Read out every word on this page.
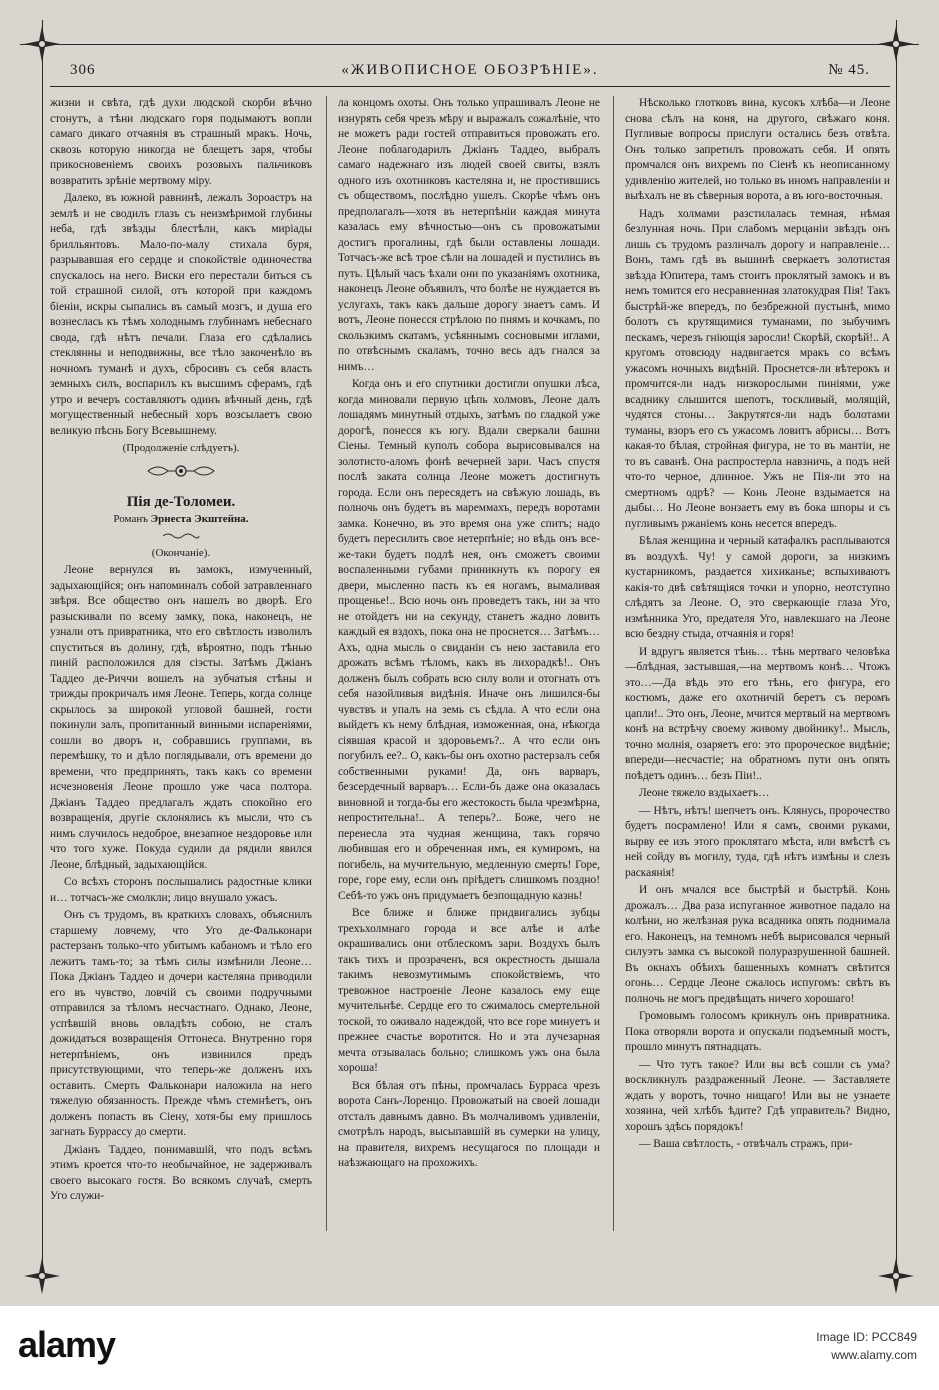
306	«ЖИВОПИСНОЕ ОБОЗРѢНІЕ».	№ 45.

жизни и свѣта, гдѣ духи людской скорби вѣчно стонутъ, а тѣни людскаго горя подымаютъ вопли самаго дикаго отчаянія въ страшный мракъ. Ночь, сквозь которую никогда не блещетъ заря, чтобы прикосновеніемъ своихъ розовыхъ пальчиковъ возвратить зрѣніе мертвому міру.

Далеко, въ южной равнинѣ, лежалъ Зороастръ на землѣ и не сводилъ глазъ съ неизмѣримой глубины неба, гдѣ звѣзды блестѣли, какъ миріады брилльянтовъ. Мало-по-малу стихала буря, разрывавшая его сердце и спокойствіе одиночества спускалось на него. Виски его перестали биться съ той страшной силой, отъ которой при каждомъ біеніи, искры сыпались въ самый мозгъ, и душа его вознеслась къ тѣмъ холоднымъ глубинамъ небеснаго свода, гдѣ нѣтъ печали. Глаза его сдѣлались стеклянны и неподвижны, все тѣло закоченѣло въ ночномъ туманѣ и духъ, сбросивъ съ себя власть земныхъ силъ, воспарилъ къ высшимъ сферамъ, гдѣ утро и вечеръ составляютъ одинъ вѣчный день, гдѣ могущественный небесный хоръ возсылаетъ свою великую пѣснь Богу Всевышнему.

(Продолженіе слѣдуетъ).

Пія де-Толомеи.

Романъ Эрнеста Экштейна.

(Окончаніе).

Леоне вернулся въ замокъ, измученный, задыхающійся; онъ напоминалъ собой затравленнаго звѣря. Все общество онъ нашелъ во дворѣ. Его разыскивали по всему замку, пока, наконецъ, не узнали отъ привратника, что его свѣтлость изволилъ спуститься въ долину, гдѣ, вѣроятно, подъ тѣнью пиній расположился для сіэсты. Затѣмъ Джіанъ Таддео де-Риччи вошелъ на зубчатыя стѣны и трижды прокричалъ имя Леоне. Теперь, когда солнце скрылось за широкой угловой башней, гости покинули залъ, пропитанный винными испареніями, сошли во дворъ и, собравшись группами, въ перемѣшку, то и дѣло поглядывали, отъ времени до времени, что предпринять, такъ какъ со времени исчезновенія Леоне прошло уже часа полтора. Джіанъ Таддео предлагалъ ждать спокойно его возвращенія, другіе склонялись къ мысли, что съ нимъ случилось недоброе, внезапное нездоровье или что того хуже. Покуда судили да рядили явился Леоне, блѣдный, задыхающійся.

Со всѣхъ сторонъ послышались радостные клики и… тотчасъ-же смолкли; лицо внушало ужасъ.

Онъ съ трудомъ, въ краткихъ словахъ, объяснилъ старшему ловчему, что Уго де-Фальконари растерзанъ только-что убитымъ кабаномъ и тѣло его лежитъ тамъ-то; за тѣмъ силы измѣнили Леоне… Пока Джіанъ Таддео и дочери кастеляна приводили его въ чувство, ловчій съ своими подручными отправился за тѣломъ несчастнаго. Однако, Леоне, успѣвшій вновь овладѣть собою, не сталъ дожидаться возвращенія Оттонеса. Внутренно горя нетерпѣніемъ, онъ извинился предъ присутствующими, что теперь-же долженъ ихъ оставить. Смерть Фальконари наложила на него тяжелую обязанность. Прежде чѣмъ стемнѣетъ, онъ долженъ попасть въ Сіену, хотя-бы ему пришлось загнать Буррассу до смерти.

Джіанъ Таддео, понимавшій, что подъ всѣмъ этимъ кроется что-то необычайное, не задерживалъ своего высокаго гостя. Во всякомъ случаѣ, смерть Уго служи-

ла концомъ охоты. Онъ только упрашивалъ Леоне не изнурять себя чрезъ мѣру и выражалъ сожалѣніе, что не можетъ ради гостей отправиться провожать его. Леоне поблагодарилъ Джіанъ Таддео, выбралъ самаго надежнаго изъ людей своей свиты, взялъ одного изъ охотниковъ кастеляна и, не простившись съ обществомъ, послѣдно ушелъ. Скорѣе чѣмъ онъ предполагалъ—хотя въ нетерпѣніи каждая минута казалась ему вѣчностью—онъ съ провожатыми достигъ прогалины, гдѣ были оставлены лошади. Тотчасъ-же всѣ трое сѣли на лошадей и пустились въ путь. Цѣлый часъ ѣхали они по указаніямъ охотника, наконецъ Леоне объявилъ, что болѣе не нуждается въ услугахъ, такъ какъ дальше дорогу знаетъ самъ. И вотъ, Леоне понесся стрѣлою по пнямъ и кочкамъ, по скользкимъ скатамъ, усѣяннымъ сосновыми иглами, по отвѣснымъ скаламъ, точно весь адъ гнался за нимъ…

Когда онъ и его спутники достигли опушки лѣса, когда миновали первую цѣпь холмовъ, Леоне далъ лошадямъ минутный отдыхъ, затѣмъ по гладкой уже дорогѣ, понесся къ югу. Вдали сверкали башни Сіены. Темный куполъ собора вырисовывался на золотисто-аломъ фонѣ вечерней зари. Часъ спустя послѣ заката солнца Леоне можетъ достигнуть города. Если онъ пересядетъ на свѣжую лошадь, въ полночь онъ будетъ въ мареммахъ, передъ воротами замка. Конечно, въ это время она уже спитъ; надо будетъ пересилить свое нетерпѣніе; но вѣдь онъ все-же-таки будетъ подлѣ нея, онъ сможетъ своими воспаленными губами приникнуть къ порогу ея двери, мысленно пасть къ ея ногамъ, вымаливая прощенье!.. Всю ночь онъ проведетъ такъ, ни за что не отойдетъ ни на секунду, станетъ жадно ловить каждый ея вздохъ, пока она не проснется… Затѣмъ… Ахъ, одна мысль о свиданіи съ нею заставила его дрожать всѣмъ тѣломъ, какъ въ лихорадкѣ!.. Онъ долженъ былъ собрать всю силу воли и отогнать отъ себя назойливыя видѣнія. Иначе онъ лишился-бы чувствъ и упалъ на земь съ сѣдла. А что если она выйдетъ къ нему блѣдная, изможенная, она, нѣкогда сіявшая красой и здоровьемъ?.. А что если онъ погубилъ ее?.. О, какъ-бы онъ охотно растерзалъ себя собственными руками! Да, онъ варваръ, безсердечный варваръ… Если-бъ даже она оказалась виновной и тогда-бы его жестокость была чрезмѣрна, непростительна!.. А теперь?.. Боже, чего не перенесла эта чудная женщина, такъ горячо любившая его и обреченная имъ, ея кумиромъ, на погибель, на мучительную, медленную смерть! Горе, горе, горе ему, если онъ пріѣдетъ слишкомъ поздно! Себѣ-то ужъ онъ придумаетъ безпощадную казнь!

Все ближе и ближе придвигались зубцы трехъхолмнаго города и все алѣе и алѣе окрашивались они отблескомъ зари. Воздухъ былъ такъ тихъ и прозраченъ, вся окрестность дышала такимъ невозмутимымъ спокойствіемъ, что тревожное настроеніе Леоне казалось ему еще мучительнѣе. Сердце его то сжималось смертельной тоской, то оживало надеждой, что все горе минуетъ и прежнее счастье воротится. Но и эта лучезарная мечта отзывалась больно; слишкомъ ужъ она была хороша!

Вся бѣлая отъ пѣны, промчалась Бурраса чрезъ ворота Санъ-Лоренцо. Провожатый на своей лошади отсталъ давнымъ давно. Въ молчаливомъ удивленіи, смотрѣлъ народъ, высыпавшій въ сумерки на улицу, на правителя, вихремъ несущагося по площади и наѣзжающаго на прохожихъ.

Нѣсколько глотковъ вина, кусокъ хлѣба—и Леоне снова сѣлъ на коня, на другого, свѣжаго коня. Пугливые вопросы прислуги остались безъ отвѣта. Онъ только запретилъ провожать себя. И опять промчался онъ вихремъ по Сіенѣ къ неописанному удивленію жителей, но только въ иномъ направленіи и выѣхалъ не въ сѣверныя ворота, а въ юго-восточныя.

Надъ холмами разстилалась темная, нѣмая безлунная ночь. При слабомъ мерцаніи звѣздъ онъ лишь съ трудомъ различалъ дорогу и направленіе… Вонъ, тамъ гдѣ въ вышинѣ сверкаетъ золотистая звѣзда Юпитера, тамъ стоитъ проклятый замокъ и въ немъ томится его несравненная златокудрая Пія! Такъ быстрѣй-же впередъ, по безбрежной пустынѣ, мимо болотъ съ крутящимися туманами, по зыбучимъ пескамъ, черезъ гніющія заросли! Скорѣй, скорѣй!.. А кругомъ отовсюду надвигается мракъ со всѣмъ ужасомъ ночныхъ видѣній. Проснется-ли вѣтерокъ и промчится-ли надъ низкорослыми пиніями, уже всаднику слышится шепотъ, тоскливый, молящій, чудятся стоны… Закрутятся-ли надъ болотами туманы, взоръ его съ ужасомъ ловитъ абрисы… Вотъ какая-то бѣлая, стройная фигура, не то въ мантіи, не то въ саванѣ. Она распростерла навзничь, а подъ ней что-то черное, длинное. Ужъ не Пія-ли это на смертномъ одрѣ? — Конь Леоне вздымается на дыбы… Но Леоне вонзаетъ ему въ бока шпоры и съ пугливымъ ржаніемъ конь несется впередъ.

Бѣлая женщина и черный катафалкъ расплываются въ воздухѣ. Чу! у самой дороги, за низкимъ кустарникомъ, раздается хихиканье; вспыхиваютъ какія-то двѣ свѣтящіяся точки и упорно, неотступно слѣдятъ за Леоне. О, это сверкающіе глаза Уго, измѣнника Уго, предателя Уго, навлекшаго на Леоне всю бездну стыда, отчаянія и горя!

И вдругъ является тѣнь… тѣнь мертваго человѣка—блѣдная, застывшая,—на мертвомъ конѣ… Чтожъ это…—Да вѣдь это его тѣнь, его фигура, его костюмъ, даже его охотничій беретъ съ перомъ цапли!.. Это онъ, Леоне, мчится мертвый на мертвомъ конѣ на встрѣчу своему живому двойнику!.. Мысль, точно молнія, озаряетъ его: это пророческое видѣніе; впереди—несчастіе; на обратномъ пути онъ опять поѣдетъ одинъ… безъ Піи!..

Леоне тяжело вздыхаетъ…

— Нѣтъ, нѣтъ! шепчетъ онъ. Клянусь, пророчество будетъ посрамлено! Или я самъ, своими руками, вырву ее изъ этого проклятаго мѣста, или вмѣстѣ съ ней сойду въ могилу, туда, гдѣ нѣтъ измѣны и слезъ раскаянія!

И онъ мчался все быстрѣй и быстрѣй. Конь дрожалъ… Два раза испуганное животное падало на колѣни, но желѣзная рука всадника опять поднимала его. Наконецъ, на темномъ небѣ вырисовался черный силуэтъ замка съ высокой полуразрушенной башней. Въ окнахъ обѣихъ башенныхъ комнатъ свѣтится огонь… Сердце Леоне сжалось испугомъ: свѣтъ въ полночь не могъ предвѣщать ничего хорошаго!

Громовымъ голосомъ крикнулъ онъ привратника. Пока отворяли ворота и опускали подъемный мостъ, прошло минутъ пятнадцать.

— Что тутъ такое? Или вы всѣ сошли съ ума? воскликнулъ раздраженный Леоне. — Заставляете ждать у воротъ, точно нищаго! Или вы не узнаете хозяина, чей хлѣбъ ѣдите? Гдѣ управитель? Видно, хорошъ здѣсь порядокъ!

— Ваша свѣтлость, - отвѣчалъ стражъ, при-

alamy	Image ID: PCC849
www.alamy.com
